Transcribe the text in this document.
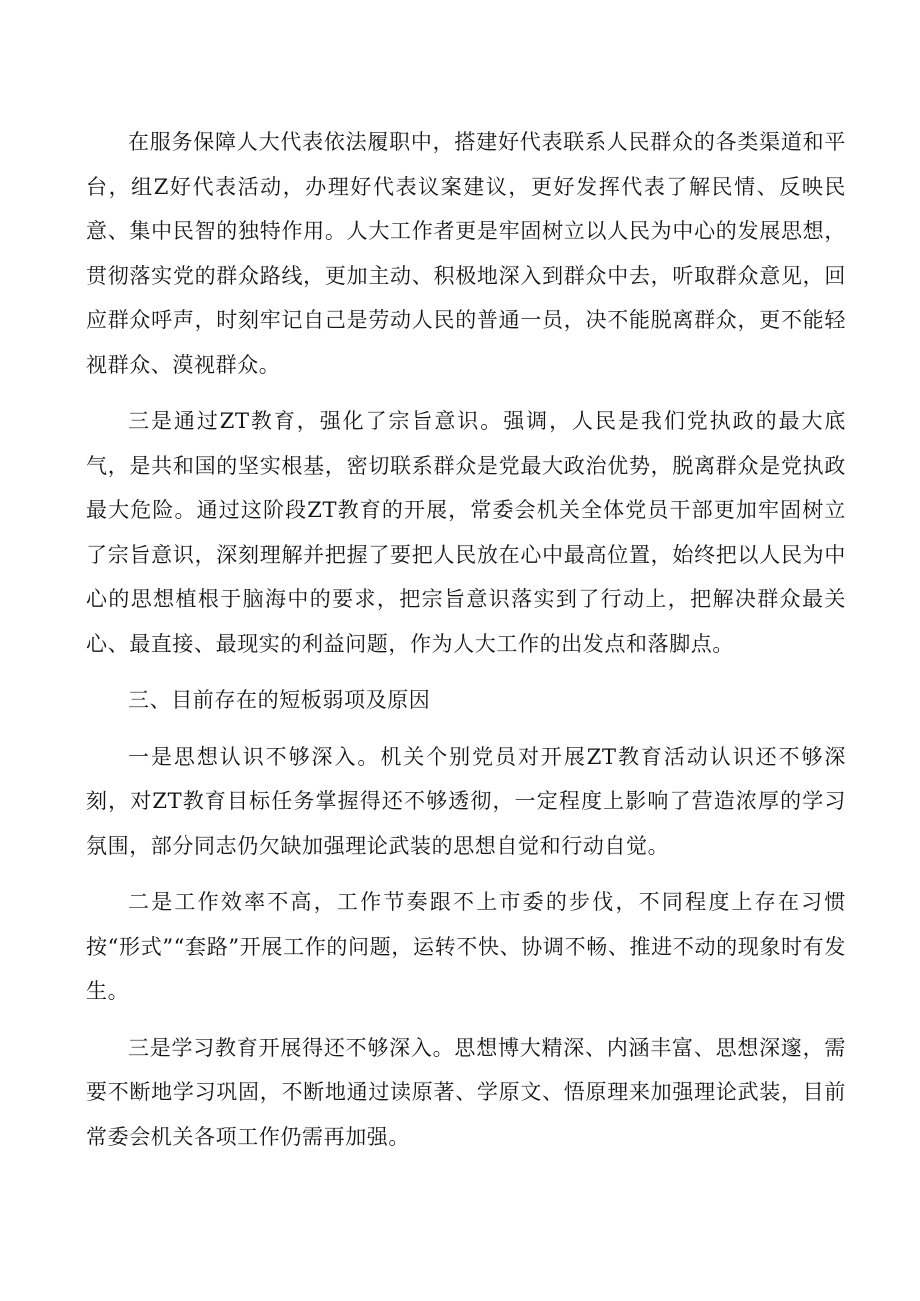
在服务保障人大代表依法履职中，搭建好代表联系人民群众的各类渠道和平台，组Z好代表活动，办理好代表议案建议，更好发挥代表了解民情、反映民意、集中民智的独特作用。人大工作者更是牢固树立以人民为中心的发展思想，贯彻落实党的群众路线，更加主动、积极地深入到群众中去，听取群众意见，回应群众呼声，时刻牢记自己是劳动人民的普通一员，决不能脱离群众，更不能轻视群众、漠视群众。

三是通过ZT教育，强化了宗旨意识。强调，人民是我们党执政的最大底气，是共和国的坚实根基，密切联系群众是党最大政治优势，脱离群众是党执政最大危险。通过这阶段ZT教育的开展，常委会机关全体党员干部更加牢固树立了宗旨意识，深刻理解并把握了要把人民放在心中最高位置，始终把以人民为中心的思想植根于脑海中的要求，把宗旨意识落实到了行动上，把解决群众最关心、最直接、最现实的利益问题，作为人大工作的出发点和落脚点。

三、目前存在的短板弱项及原因

一是思想认识不够深入。机关个别党员对开展ZT教育活动认识还不够深刻，对ZT教育目标任务掌握得还不够透彻，一定程度上影响了营造浓厚的学习氛围，部分同志仍欠缺加强理论武装的思想自觉和行动自觉。

二是工作效率不高，工作节奏跟不上市委的步伐，不同程度上存在习惯按“形式”“套路”开展工作的问题，运转不快、协调不畅、推进不动的现象时有发生。

三是学习教育开展得还不够深入。思想博大精深、内涵丰富、思想深邃，需要不断地学习巩固，不断地通过读原著、学原文、悟原理来加强理论武装，目前常委会机关各项工作仍需再加强。
